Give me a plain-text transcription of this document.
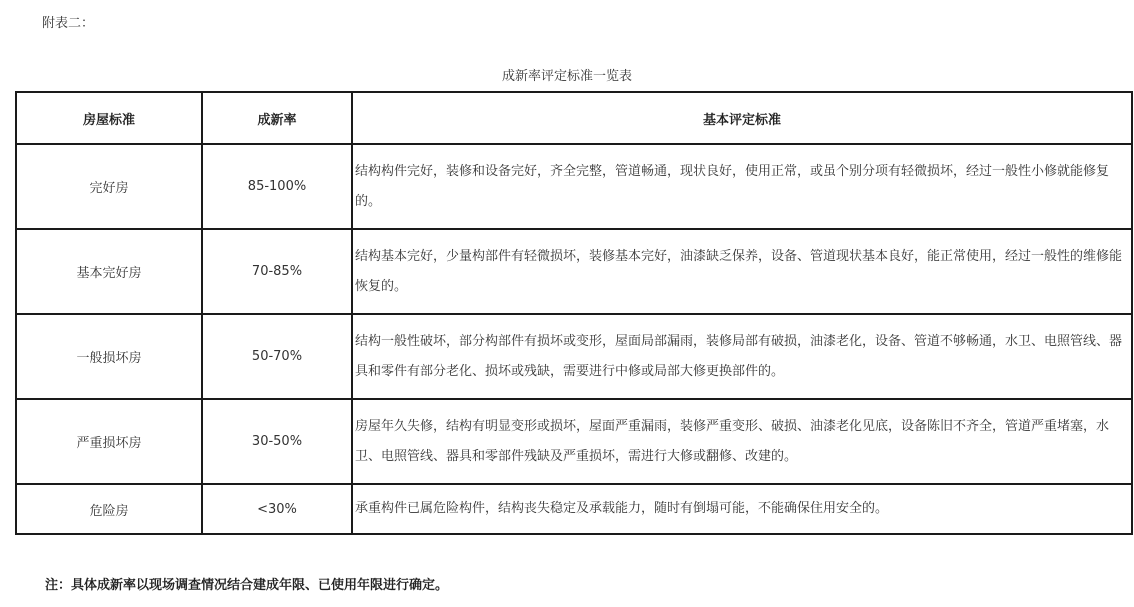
附表二：
成新率评定标准一览表
房屋标准	成新率	基本评定标准
完好房	85-100%	结构构件完好，装修和设备完好，齐全完整，管道畅通，现状良好，使用正常，或虽个别分项有轻微损坏，经过一般性小修就能修复的。
基本完好房	70-85%	结构基本完好，少量构部件有轻微损坏，装修基本完好，油漆缺乏保养，设备、管道现状基本良好，能正常使用，经过一般性的维修能恢复的。
一般损坏房	50-70%	结构一般性破坏，部分构部件有损坏或变形，屋面局部漏雨，装修局部有破损，油漆老化，设备、管道不够畅通，水卫、电照管线、器具和零件有部分老化、损坏或残缺，需要进行中修或局部大修更换部件的。
严重损坏房	30-50%	房屋年久失修，结构有明显变形或损坏，屋面严重漏雨，装修严重变形、破损、油漆老化见底，设备陈旧不齐全，管道严重堵塞，水卫、电照管线、器具和零部件残缺及严重损坏，需进行大修或翻修、改建的。
危险房	<30%	承重构件已属危险构件，结构丧失稳定及承载能力，随时有倒塌可能，不能确保住用安全的。
注：具体成新率以现场调查情况结合建成年限、已使用年限进行确定。
